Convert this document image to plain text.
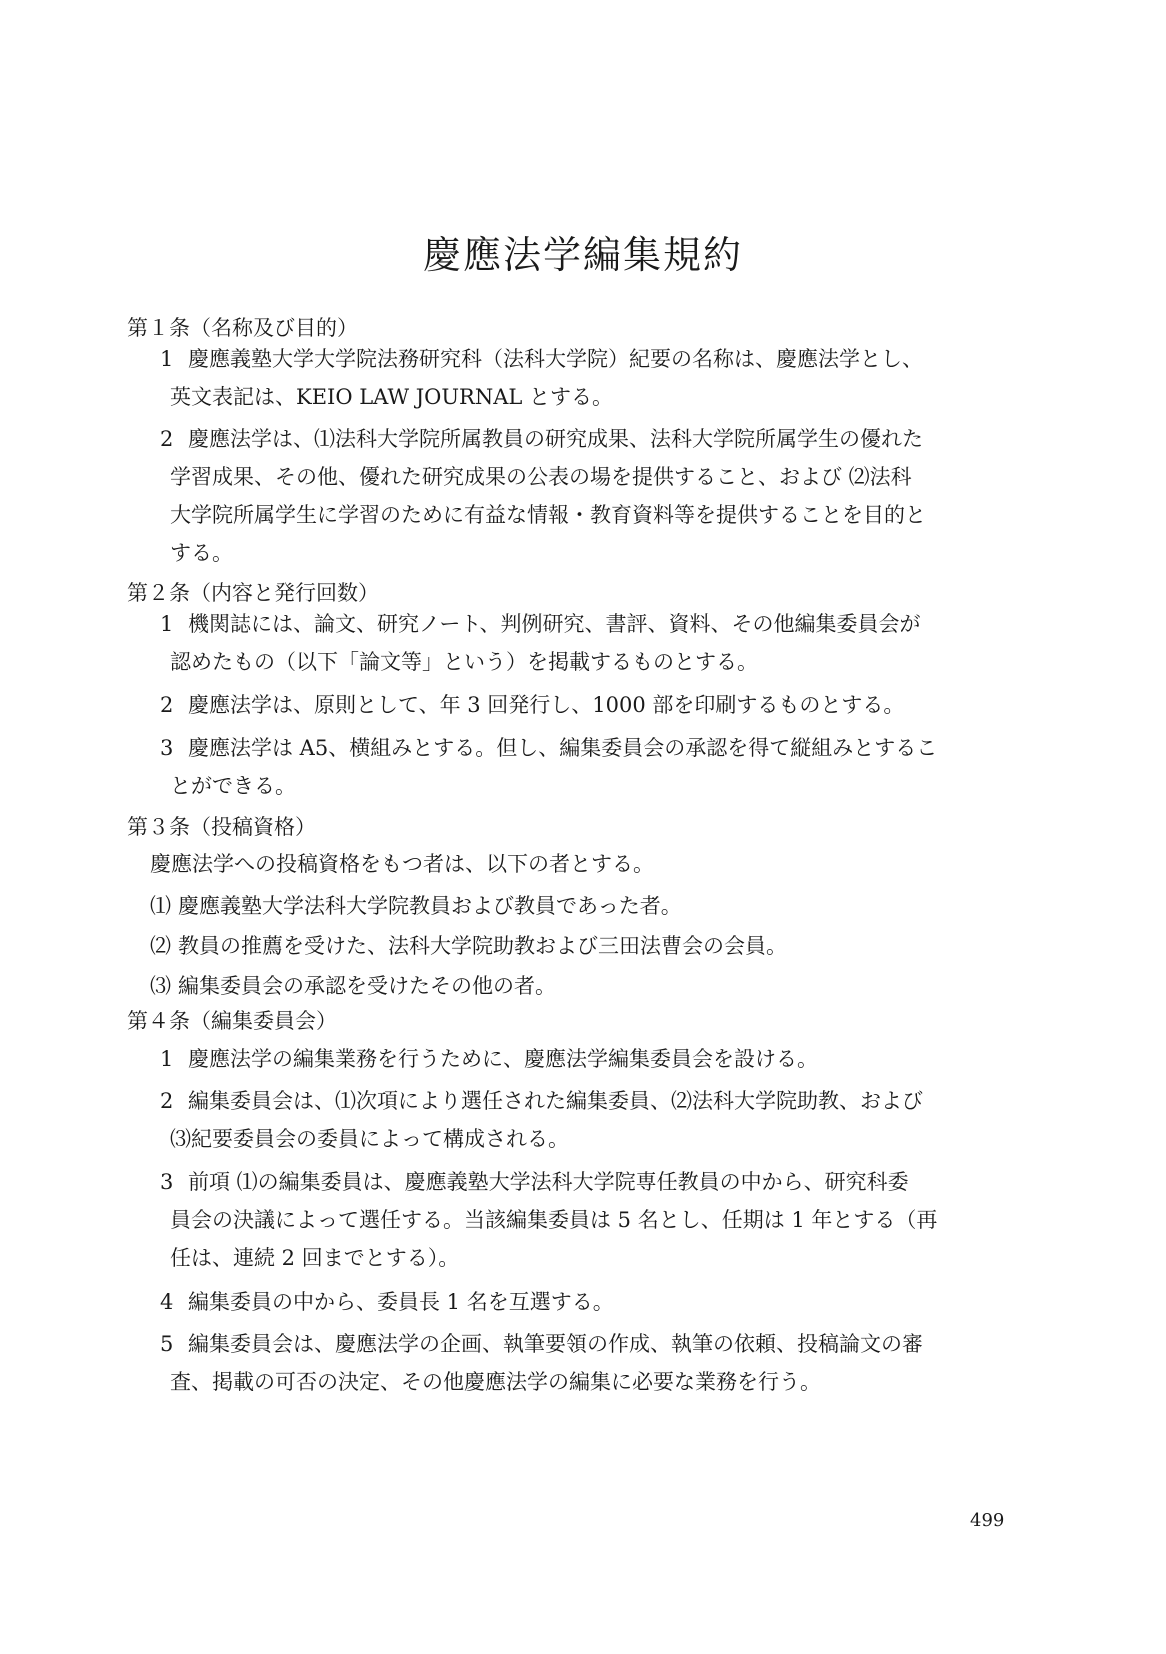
慶應法学編集規約
第１条（名称及び目的）
1 慶應義塾大学大学院法務研究科（法科大学院）紀要の名称は、慶應法学とし、
英文表記は、KEIO LAW JOURNAL とする。
2 慶應法学は、⑴法科大学院所属教員の研究成果、法科大学院所属学生の優れた
学習成果、その他、優れた研究成果の公表の場を提供すること、および ⑵法科
大学院所属学生に学習のために有益な情報・教育資料等を提供することを目的と
する。
第２条（内容と発行回数）
1 機関誌には、論文、研究ノート、判例研究、書評、資料、その他編集委員会が
認めたもの（以下「論文等」という）を掲載するものとする。
2 慶應法学は、原則として、年 3 回発行し、1000 部を印刷するものとする。
3 慶應法学は A5、横組みとする。但し、編集委員会の承認を得て縦組みとするこ
とができる。
第３条（投稿資格）
慶應法学への投稿資格をもつ者は、以下の者とする。
⑴ 慶應義塾大学法科大学院教員および教員であった者。
⑵ 教員の推薦を受けた、法科大学院助教および三田法曹会の会員。
⑶ 編集委員会の承認を受けたその他の者。
第４条（編集委員会）
1 慶應法学の編集業務を行うために、慶應法学編集委員会を設ける。
2 編集委員会は、⑴次項により選任された編集委員、⑵法科大学院助教、および
⑶紀要委員会の委員によって構成される。
3 前項 ⑴の編集委員は、慶應義塾大学法科大学院専任教員の中から、研究科委
員会の決議によって選任する。当該編集委員は 5 名とし、任期は 1 年とする（再
任は、連続 2 回までとする）。
4 編集委員の中から、委員長 1 名を互選する。
5 編集委員会は、慶應法学の企画、執筆要領の作成、執筆の依頼、投稿論文の審
査、掲載の可否の決定、その他慶應法学の編集に必要な業務を行う。
499
